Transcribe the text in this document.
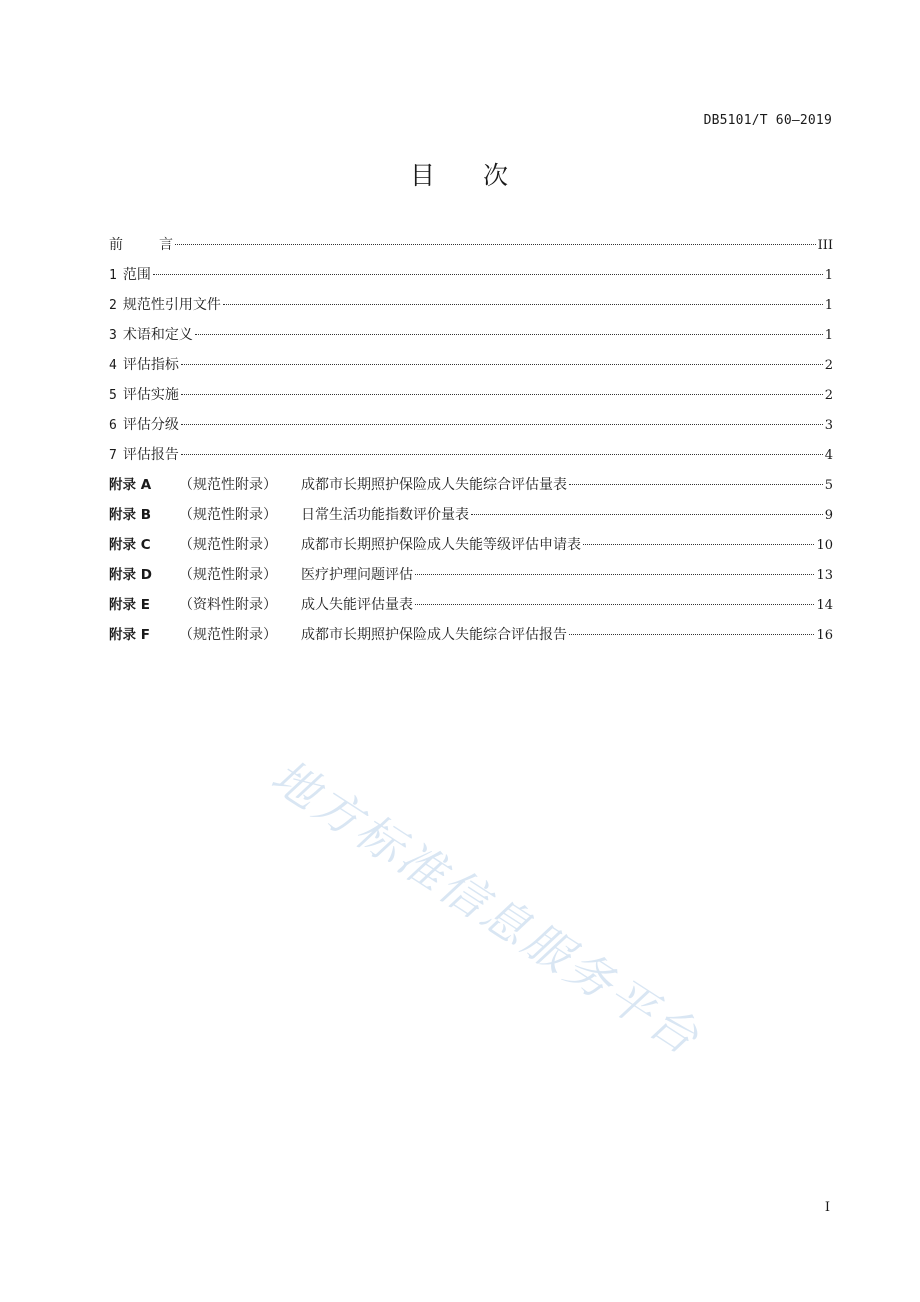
DB5101/T 60—2019
目 次
前	言	III
1 范围	1
2 规范性引用文件	1
3 术语和定义	1
4 评估指标	2
5 评估实施	2
6 评估分级	3
7 评估报告	4
附录 A （规范性附录） 成都市长期照护保险成人失能综合评估量表	5
附录 B （规范性附录） 日常生活功能指数评价量表	9
附录 C （规范性附录） 成都市长期照护保险成人失能等级评估申请表	10
附录 D （规范性附录） 医疗护理问题评估	13
附录 E （资料性附录） 成人失能评估量表	14
附录 F （规范性附录） 成都市长期照护保险成人失能综合评估报告	16
地方标准信息服务平台
I
